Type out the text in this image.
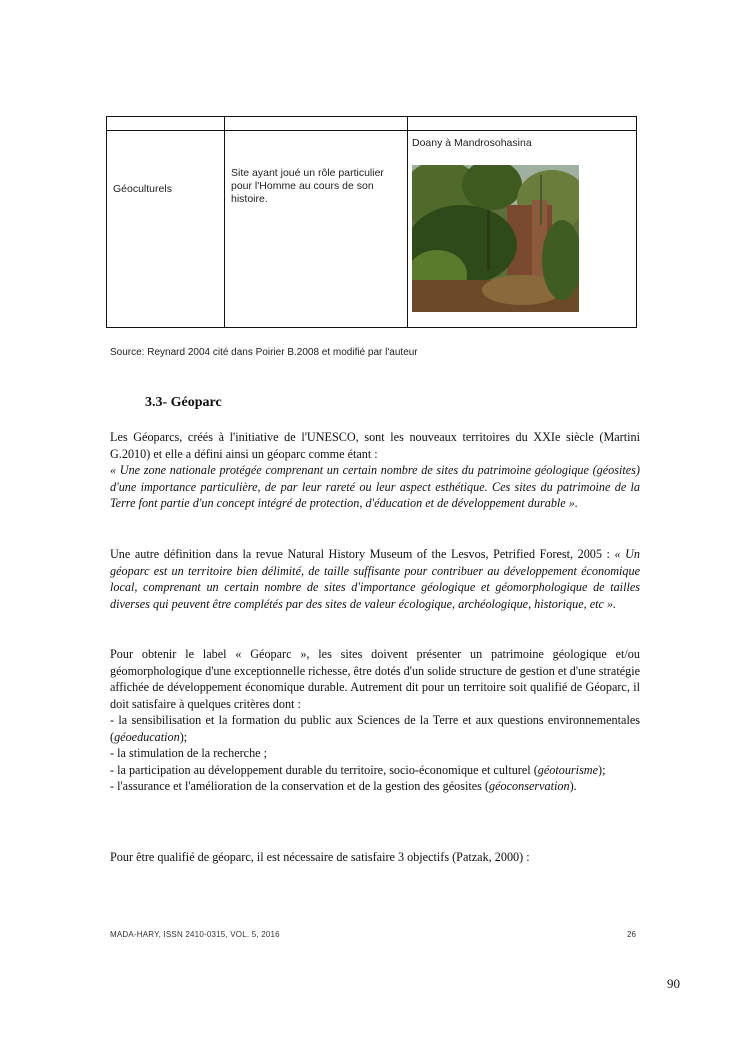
Géoculturels
Site ayant joué un rôle particulier pour l'Homme au cours de son histoire.
Doany à Mandrosohasina
Source: Reynard 2004 cité dans Poirier B.2008 et modifié par l'auteur
3.3- Géoparc

Les Géoparcs, créés à l'initiative de l'UNESCO, sont les nouveaux territoires du XXIe siècle (Martini G.2010) et elle a défini ainsi un géoparc comme étant :
« Une zone nationale protégée comprenant un certain nombre de sites du patrimoine géologique (géosites) d'une importance particulière, de par leur rareté ou leur aspect esthétique. Ces sites du patrimoine de la Terre font partie d'un concept intégré de protection, d'éducation et de développement durable ».

Une autre définition dans la revue Natural History Museum of the Lesvos, Petrified Forest, 2005 : « Un géoparc est un territoire bien délimité, de taille suffisante pour contribuer au développement économique local, comprenant un certain nombre de sites d'importance géologique et géomorphologique de tailles diverses qui peuvent être complétés par des sites de valeur écologique, archéologique, historique, etc ».

Pour obtenir le label « Géoparc », les sites doivent présenter un patrimoine géologique et/ou géomorphologique d'une exceptionnelle richesse, être dotés d'un solide structure de gestion et d'une stratégie affichée de développement économique durable. Autrement dit pour un territoire soit qualifié de Géoparc, il doit satisfaire à quelques critères dont :

- la sensibilisation et la formation du public aux Sciences de la Terre et aux questions environnementales (géoeducation);

- la stimulation de la recherche ;

- la participation au développement durable du territoire, socio-économique et culturel (géotourisme);

- l'assurance et l'amélioration de la conservation et de la gestion des géosites (géoconservation).

Pour être qualifié de géoparc, il est nécessaire de satisfaire 3 objectifs (Patzak, 2000) :
MADA-HARY, ISSN 2410-0315, VOL. 5, 2016	26
90
